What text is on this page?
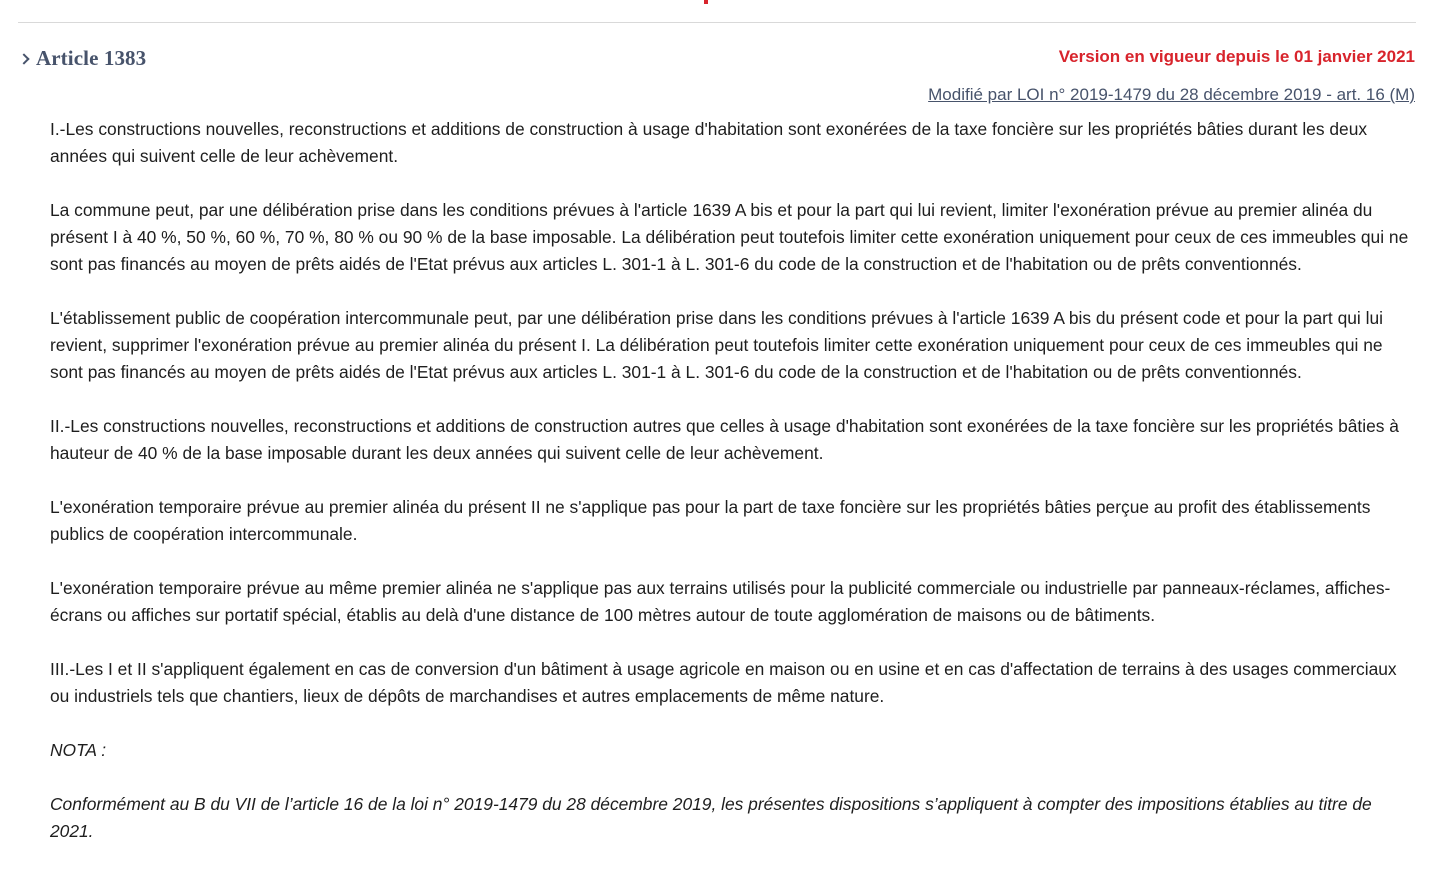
Article 1383	Version en vigueur depuis le 01 janvier 2021
Modifié par LOI n° 2019-1479 du 28 décembre 2019 - art. 16 (M)

I.-Les constructions nouvelles, reconstructions et additions de construction à usage d'habitation sont exonérées de la taxe foncière sur les propriétés bâties durant les deux années qui suivent celle de leur achèvement.

La commune peut, par une délibération prise dans les conditions prévues à l'article 1639 A bis et pour la part qui lui revient, limiter l'exonération prévue au premier alinéa du présent I à 40 %, 50 %, 60 %, 70 %, 80 % ou 90 % de la base imposable. La délibération peut toutefois limiter cette exonération uniquement pour ceux de ces immeubles qui ne sont pas financés au moyen de prêts aidés de l'Etat prévus aux articles L. 301-1 à L. 301-6 du code de la construction et de l'habitation ou de prêts conventionnés.

L'établissement public de coopération intercommunale peut, par une délibération prise dans les conditions prévues à l'article 1639 A bis du présent code et pour la part qui lui revient, supprimer l'exonération prévue au premier alinéa du présent I. La délibération peut toutefois limiter cette exonération uniquement pour ceux de ces immeubles qui ne sont pas financés au moyen de prêts aidés de l'Etat prévus aux articles L. 301-1 à L. 301-6 du code de la construction et de l'habitation ou de prêts conventionnés.

II.-Les constructions nouvelles, reconstructions et additions de construction autres que celles à usage d'habitation sont exonérées de la taxe foncière sur les propriétés bâties à hauteur de 40 % de la base imposable durant les deux années qui suivent celle de leur achèvement.

L'exonération temporaire prévue au premier alinéa du présent II ne s'applique pas pour la part de taxe foncière sur les propriétés bâties perçue au profit des établissements publics de coopération intercommunale.

L'exonération temporaire prévue au même premier alinéa ne s'applique pas aux terrains utilisés pour la publicité commerciale ou industrielle par panneaux-réclames, affiches-écrans ou affiches sur portatif spécial, établis au delà d'une distance de 100 mètres autour de toute agglomération de maisons ou de bâtiments.

III.-Les I et II s'appliquent également en cas de conversion d'un bâtiment à usage agricole en maison ou en usine et en cas d'affectation de terrains à des usages commerciaux ou industriels tels que chantiers, lieux de dépôts de marchandises et autres emplacements de même nature.

NOTA :

Conformément au B du VII de l’article 16 de la loi n° 2019-1479 du 28 décembre 2019, les présentes dispositions s’appliquent à compter des impositions établies au titre de 2021.
